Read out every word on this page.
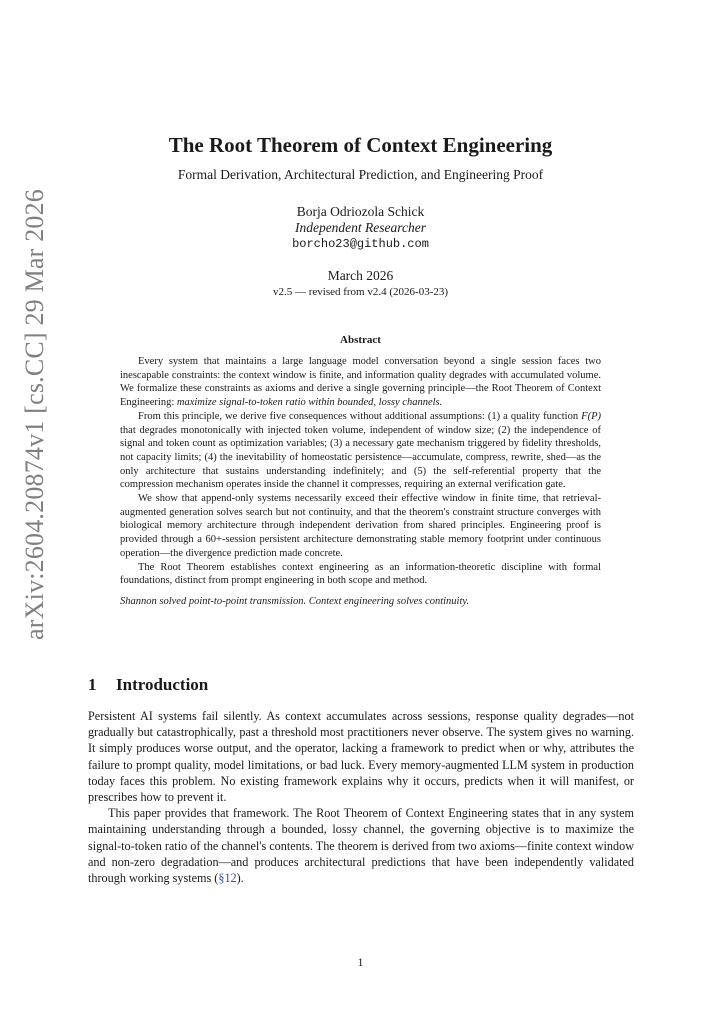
arXiv:2604.20874v1 [cs.CC] 29 Mar 2026
The Root Theorem of Context Engineering
Formal Derivation, Architectural Prediction, and Engineering Proof
Borja Odriozola Schick
Independent Researcher
borcho23@github.com
March 2026
v2.5 — revised from v2.4 (2026-03-23)
Abstract

Every system that maintains a large language model conversation beyond a single session faces two inescapable constraints: the context window is finite, and information quality degrades with accumulated volume. We formalize these constraints as axioms and derive a single governing principle—the Root Theorem of Context Engineering: maximize signal-to-token ratio within bounded, lossy channels.

From this principle, we derive five consequences without additional assumptions: (1) a quality function F(P) that degrades monotonically with injected token volume, independent of window size; (2) the independence of signal and token count as optimization variables; (3) a necessary gate mechanism triggered by fidelity thresholds, not capacity limits; (4) the inevitability of homeostatic persistence—accumulate, compress, rewrite, shed—as the only architecture that sustains understanding indefinitely; and (5) the self-referential property that the compression mechanism operates inside the channel it compresses, requiring an external verification gate.

We show that append-only systems necessarily exceed their effective window in finite time, that retrieval-augmented generation solves search but not continuity, and that the theorem's constraint structure converges with biological memory architecture through independent derivation from shared principles. Engineering proof is provided through a 60+-session persistent architecture demonstrating stable memory footprint under continuous operation—the divergence prediction made concrete.

The Root Theorem establishes context engineering as an information-theoretic discipline with formal foundations, distinct from prompt engineering in both scope and method.

Shannon solved point-to-point transmission. Context engineering solves continuity.

1 Introduction

Persistent AI systems fail silently. As context accumulates across sessions, response quality degrades—not gradually but catastrophically, past a threshold most practitioners never observe. The system gives no warning. It simply produces worse output, and the operator, lacking a framework to predict when or why, attributes the failure to prompt quality, model limitations, or bad luck. Every memory-augmented LLM system in production today faces this problem. No existing framework explains why it occurs, predicts when it will manifest, or prescribes how to prevent it.

This paper provides that framework. The Root Theorem of Context Engineering states that in any system maintaining understanding through a bounded, lossy channel, the governing objective is to maximize the signal-to-token ratio of the channel's contents. The theorem is derived from two axioms—finite context window and non-zero degradation—and produces architectural predictions that have been independently validated through working systems (§12).

1
